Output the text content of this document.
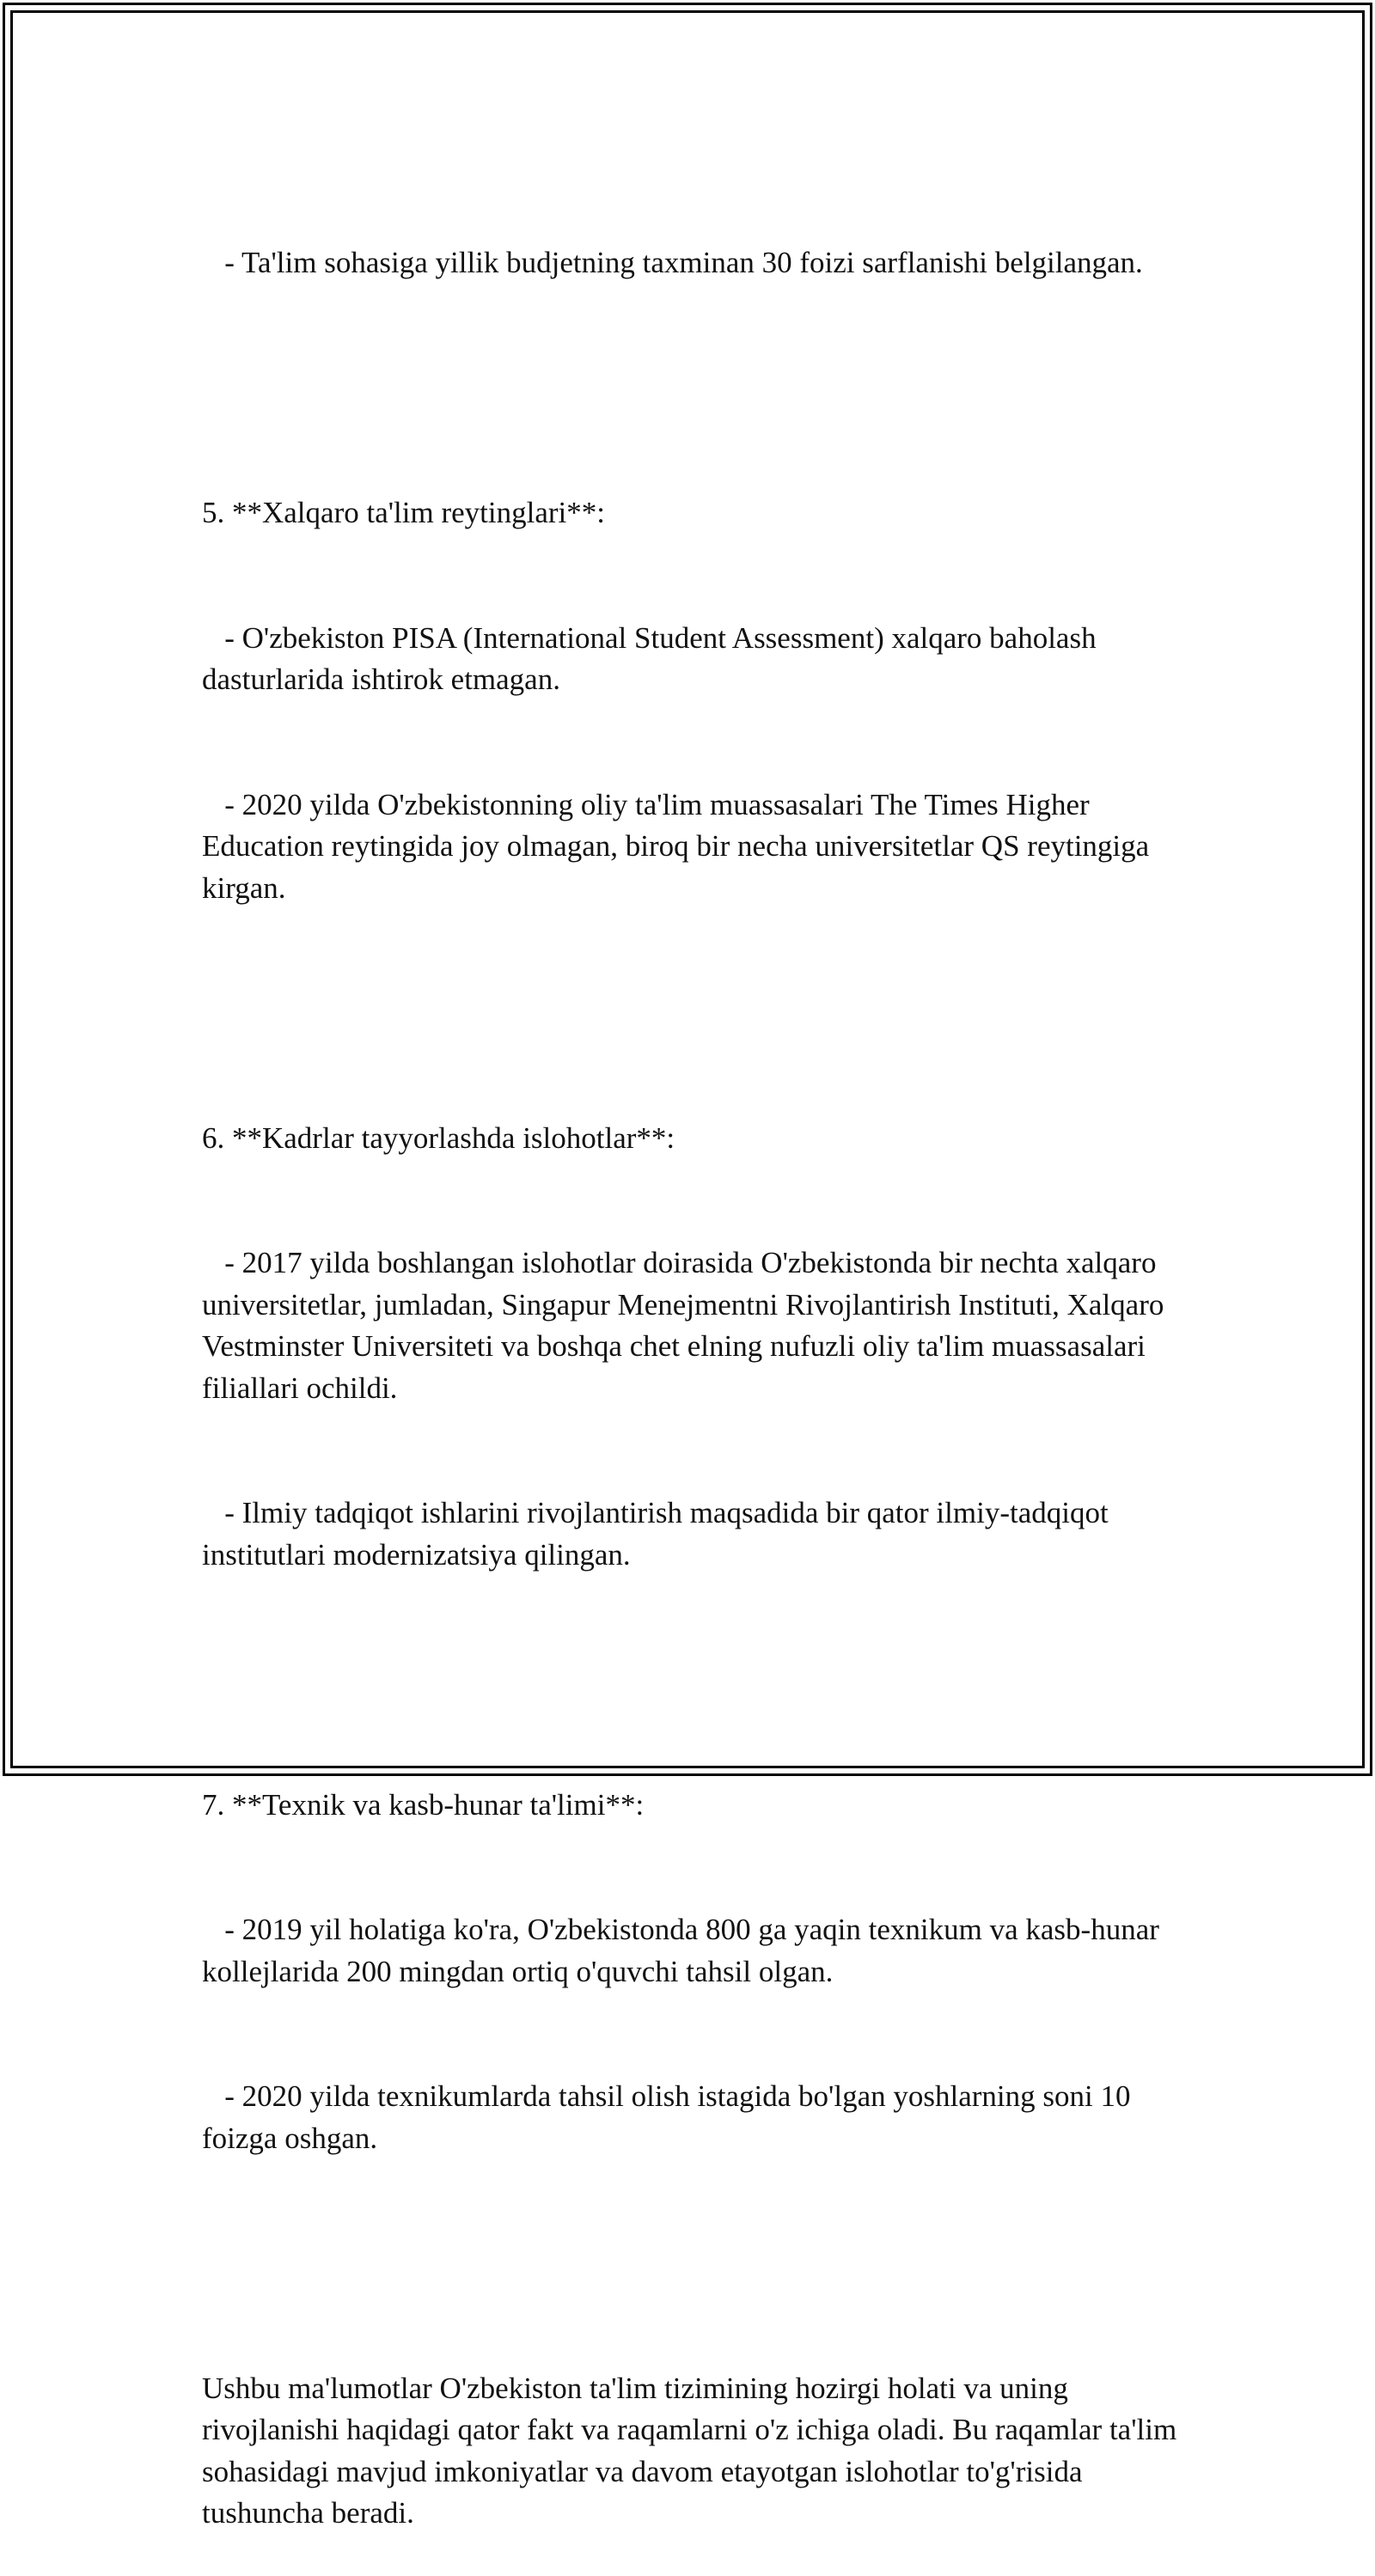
- Ta'lim sohasiga yillik budjetning taxminan 30 foizi sarflanishi belgilangan.

5. **Xalqaro ta'lim reytinglari**:

- O'zbekiston PISA (International Student Assessment) xalqaro baholash dasturlarida ishtirok etmagan.

- 2020 yilda O'zbekistonning oliy ta'lim muassasalari The Times Higher Education reytingida joy olmagan, biroq bir necha universitetlar QS reytingiga kirgan.

6. **Kadrlar tayyorlashda islohotlar**:

- 2017 yilda boshlangan islohotlar doirasida O'zbekistonda bir nechta xalqaro universitetlar, jumladan, Singapur Menejmentni Rivojlantirish Instituti, Xalqaro Vestminster Universiteti va boshqa chet elning nufuzli oliy ta'lim muassasalari filiallari ochildi.

- Ilmiy tadqiqot ishlarini rivojlantirish maqsadida bir qator ilmiy-tadqiqot institutlari modernizatsiya qilingan.

7. **Texnik va kasb-hunar ta'limi**:

- 2019 yil holatiga ko'ra, O'zbekistonda 800 ga yaqin texnikum va kasb-hunar kollejlarida 200 mingdan ortiq o'quvchi tahsil olgan.

- 2020 yilda texnikumlarda tahsil olish istagida bo'lgan yoshlarning soni 10 foizga oshgan.

Ushbu ma'lumotlar O'zbekiston ta'lim tizimining hozirgi holati va uning rivojlanishi haqidagi qator fakt va raqamlarni o'z ichiga oladi. Bu raqamlar ta'lim sohasidagi mavjud imkoniyatlar va davom etayotgan islohotlar to'g'risida tushuncha beradi.
